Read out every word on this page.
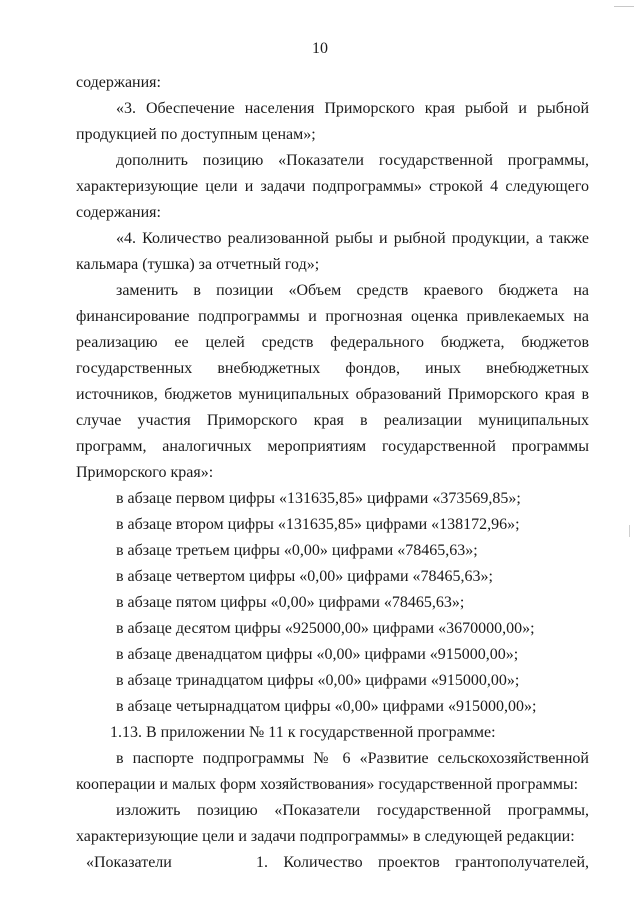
10

содержания:

«3. Обеспечение населения Приморского края рыбой и рыбной продукцией по доступным ценам»;

дополнить позицию «Показатели государственной программы, характеризующие цели и задачи подпрограммы» строкой 4 следующего содержания:

«4. Количество реализованной рыбы и рыбной продукции, а также кальмара (тушка) за отчетный год»;

заменить в позиции «Объем средств краевого бюджета на финансирование подпрограммы и прогнозная оценка привлекаемых на реализацию ее целей средств федерального бюджета, бюджетов государственных внебюджетных фондов, иных внебюджетных источников, бюджетов муниципальных образований Приморского края в случае участия Приморского края в реализации муниципальных программ, аналогичных мероприятиям государственной программы Приморского края»:

в абзаце первом цифры «131635,85» цифрами «373569,85»;

в абзаце втором цифры «131635,85» цифрами «138172,96»;

в абзаце третьем цифры «0,00» цифрами «78465,63»;

в абзаце четвертом цифры «0,00» цифрами «78465,63»;

в абзаце пятом цифры «0,00» цифрами «78465,63»;

в абзаце десятом цифры «925000,00» цифрами «3670000,00»;

в абзаце двенадцатом цифры «0,00» цифрами «915000,00»;

в абзаце тринадцатом цифры «0,00» цифрами «915000,00»;

в абзаце четырнадцатом цифры «0,00» цифрами «915000,00»;

1.13. В приложении № 11 к государственной программе:

в паспорте подпрограммы № 6 «Развитие сельскохозяйственной кооперации и малых форм хозяйствования» государственной программы:

изложить позицию «Показатели государственной программы, характеризующие цели и задачи подпрограммы» в следующей редакции:

«Показатели	1. Количество проектов грантополучателей,
